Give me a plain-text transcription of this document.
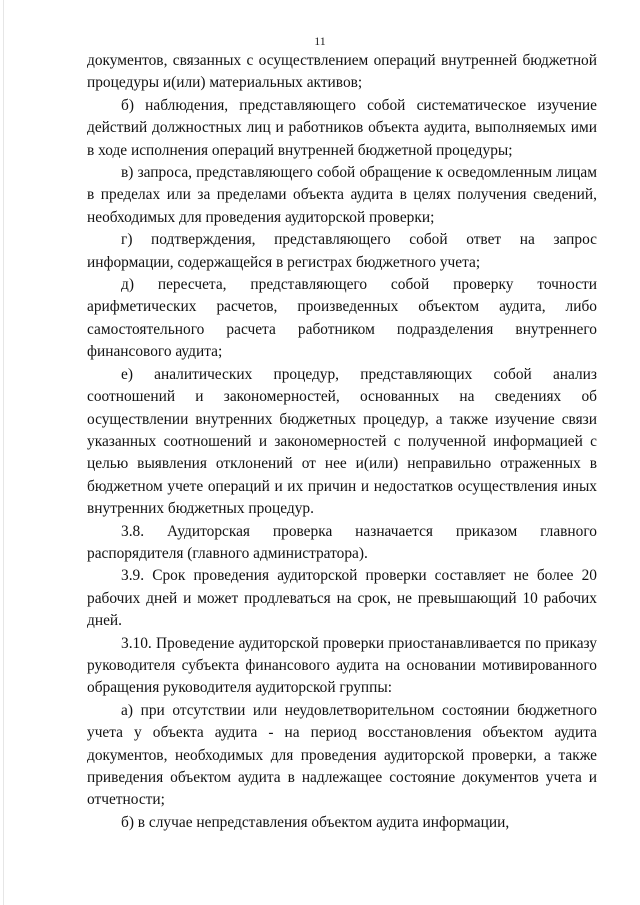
11

документов, связанных с осуществлением операций внутренней бюджетной процедуры и(или) материальных активов;

б) наблюдения, представляющего собой систематическое изучение действий должностных лиц и работников объекта аудита, выполняемых ими в ходе исполнения операций внутренней бюджетной процедуры;

в) запроса, представляющего собой обращение к осведомленным лицам в пределах или за пределами объекта аудита в целях получения сведений, необходимых для проведения аудиторской проверки;

г) подтверждения, представляющего собой ответ на запрос информации, содержащейся в регистрах бюджетного учета;

д) пересчета, представляющего собой проверку точности арифметических расчетов, произведенных объектом аудита, либо самостоятельного расчета работником подразделения внутреннего финансового аудита;

е) аналитических процедур, представляющих собой анализ соотношений и закономерностей, основанных на сведениях об осуществлении внутренних бюджетных процедур, а также изучение связи указанных соотношений и закономерностей с полученной информацией с целью выявления отклонений от нее и(или) неправильно отраженных в бюджетном учете операций и их причин и недостатков осуществления иных внутренних бюджетных процедур.

3.8. Аудиторская проверка назначается приказом главного распорядителя (главного администратора).

3.9. Срок проведения аудиторской проверки составляет не более 20 рабочих дней и может продлеваться на срок, не превышающий 10 рабочих дней.

3.10. Проведение аудиторской проверки приостанавливается по приказу руководителя субъекта финансового аудита на основании мотивированного обращения руководителя аудиторской группы:

а) при отсутствии или неудовлетворительном состоянии бюджетного учета у объекта аудита - на период восстановления объектом аудита документов, необходимых для проведения аудиторской проверки, а также приведения объектом аудита в надлежащее состояние документов учета и отчетности;

б) в случае непредставления объектом аудита информации,
